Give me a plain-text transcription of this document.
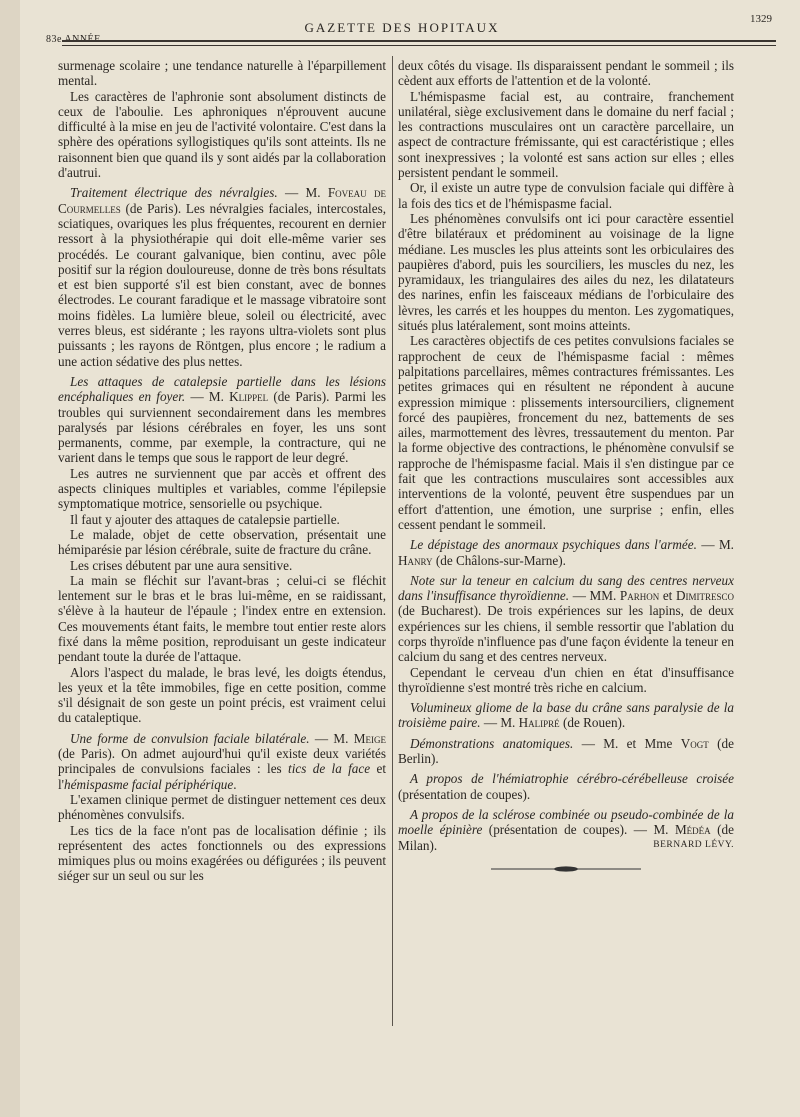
83e ANNÉE.
GAZETTE DES HOPITAUX
1329

surmenage scolaire ; une tendance naturelle à l'éparpillement mental.

Les caractères de l'aphronie sont absolument distincts de ceux de l'aboulie. Les aphroniques n'éprouvent aucune difficulté à la mise en jeu de l'activité volontaire. C'est dans la sphère des opérations syllogistiques qu'ils sont atteints. Ils ne raisonnent bien que quand ils y sont aidés par la collaboration d'autrui.

Traitement électrique des névralgies. — M. Foveau de Courmelles (de Paris). Les névralgies faciales, intercostales, sciatiques, ovariques les plus fréquentes, recourent en dernier ressort à la physiothérapie qui doit elle-même varier ses procédés. Le courant galvanique, bien continu, avec pôle positif sur la région douloureuse, donne de très bons résultats et est bien supporté s'il est bien constant, avec de bonnes électrodes. Le courant faradique et le massage vibratoire sont moins fidèles. La lumière bleue, soleil ou électricité, avec verres bleus, est sidérante ; les rayons ultra-violets sont plus puissants ; les rayons de Röntgen, plus encore ; le radium a une action sédative des plus nettes.

Les attaques de catalepsie partielle dans les lésions encéphaliques en foyer. — M. Klippel (de Paris). Parmi les troubles qui surviennent secondairement dans les membres paralysés par lésions cérébrales en foyer, les uns sont permanents, comme, par exemple, la contracture, qui ne varient dans le temps que sous le rapport de leur degré.

Les autres ne surviennent que par accès et offrent des aspects cliniques multiples et variables, comme l'épilepsie symptomatique motrice, sensorielle ou psychique.

Il faut y ajouter des attaques de catalepsie partielle.

Le malade, objet de cette observation, présentait une hémiparésie par lésion cérébrale, suite de fracture du crâne.

Les crises débutent par une aura sensitive.

La main se fléchit sur l'avant-bras ; celui-ci se fléchit lentement sur le bras et le bras lui-même, en se raidissant, s'élève à la hauteur de l'épaule ; l'index entre en extension. Ces mouvements étant faits, le membre tout entier reste alors fixé dans la même position, reproduisant un geste indicateur pendant toute la durée de l'attaque.

Alors l'aspect du malade, le bras levé, les doigts étendus, les yeux et la tête immobiles, fige en cette position, comme s'il désignait de son geste un point précis, est vraiment celui du cataleptique.

Une forme de convulsion faciale bilatérale. — M. Meige (de Paris). On admet aujourd'hui qu'il existe deux variétés principales de convulsions faciales : les tics de la face et l'hémispasme facial périphérique.

L'examen clinique permet de distinguer nettement ces deux phénomènes convulsifs.

Les tics de la face n'ont pas de localisation définie ; ils représentent des actes fonctionnels ou des expressions mimiques plus ou moins exagérées ou défigurées ; ils peuvent siéger sur un seul ou sur les

deux côtés du visage. Ils disparaissent pendant le sommeil ; ils cèdent aux efforts de l'attention et de la volonté.

L'hémispasme facial est, au contraire, franchement unilatéral, siège exclusivement dans le domaine du nerf facial ; les contractions musculaires ont un caractère parcellaire, un aspect de contracture frémissante, qui est caractéristique ; elles sont inexpressives ; la volonté est sans action sur elles ; elles persistent pendant le sommeil.

Or, il existe un autre type de convulsion faciale qui diffère à la fois des tics et de l'hémispasme facial.

Les phénomènes convulsifs ont ici pour caractère essentiel d'être bilatéraux et prédominent au voisinage de la ligne médiane. Les muscles les plus atteints sont les orbiculaires des paupières d'abord, puis les sourciliers, les muscles du nez, les pyramidaux, les triangulaires des ailes du nez, les dilatateurs des narines, enfin les faisceaux médians de l'orbiculaire des lèvres, les carrés et les houppes du menton. Les zygomatiques, situés plus latéralement, sont moins atteints.

Les caractères objectifs de ces petites convulsions faciales se rapprochent de ceux de l'hémispasme facial : mêmes palpitations parcellaires, mêmes contractures frémissantes. Les petites grimaces qui en résultent ne répondent à aucune expression mimique : plissements intersourciliers, clignement forcé des paupières, froncement du nez, battements de ses ailes, marmottement des lèvres, tressautement du menton. Par la forme objective des contractions, le phénomène convulsif se rapproche de l'hémispasme facial. Mais il s'en distingue par ce fait que les contractions musculaires sont accessibles aux interventions de la volonté, peuvent être suspendues par un effort d'attention, une émotion, une surprise ; enfin, elles cessent pendant le sommeil.

Le dépistage des anormaux psychiques dans l'armée. — M. Hanry (de Châlons-sur-Marne).

Note sur la teneur en calcium du sang des centres nerveux dans l'insuffisance thyroïdienne. — MM. Parhon et Dimitresco (de Bucharest). De trois expériences sur les lapins, de deux expériences sur les chiens, il semble ressortir que l'ablation du corps thyroïde n'influence pas d'une façon évidente la teneur en calcium du sang et des centres nerveux.

Cependant le cerveau d'un chien en état d'insuffisance thyroïdienne s'est montré très riche en calcium.

Volumineux gliome de la base du crâne sans paralysie de la troisième paire. — M. Halipré (de Rouen).

Démonstrations anatomiques. — M. et Mme Vogt (de Berlin).

A propos de l'hémiatrophie cérébro-cérébelleuse croisée (présentation de coupes).

A propos de la sclérose combinée ou pseudo-combinée de la moelle épinière (présentation de coupes). — M. Médéa (de Milan).	BERNARD LÉVY.
